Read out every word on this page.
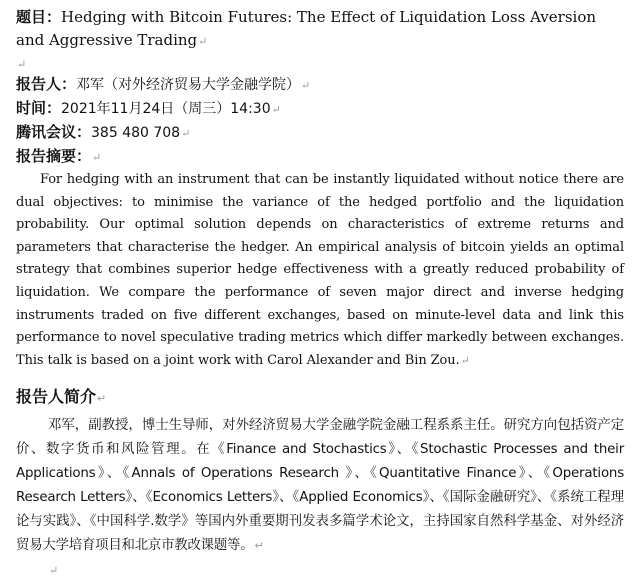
题目：Hedging with Bitcoin Futures: The Effect of Liquidation Loss Aversion and Aggressive Trading↵

↵

报告人：邓军（对外经济贸易大学金融学院）↵

时间：2021年11月24日（周三）14:30↵

腾讯会议：385 480 708↵

报告摘要：↵

For hedging with an instrument that can be instantly liquidated without notice there are dual objectives: to minimise the variance of the hedged portfolio and the liquidation probability. Our optimal solution depends on characteristics of extreme returns and parameters that characterise the hedger. An empirical analysis of bitcoin yields an optimal strategy that combines superior hedge effectiveness with a greatly reduced probability of liquidation. We compare the performance of seven major direct and inverse hedging instruments traded on five different exchanges, based on minute-level data and link this performance to novel speculative trading metrics which differ markedly between exchanges. This talk is based on a joint work with Carol Alexander and Bin Zou.↵

报告人简介↵

邓军，副教授，博士生导师，对外经济贸易大学金融学院金融工程系系主任。研究方向包括资产定价、数字货币和风险管理。在《Finance and Stochastics》、《Stochastic Processes and their Applications》、《Annals of Operations Research 》、《Quantitative Finance》、《Operations Research Letters》、《Economics Letters》、《Applied Economics》、《国际金融研究》、《系统工程理论与实践》、《中国科学.数学》等国内外重要期刊发表多篇学术论文，主持国家自然科学基金、对外经济贸易大学培育项目和北京市教改课题等。↵

↵
